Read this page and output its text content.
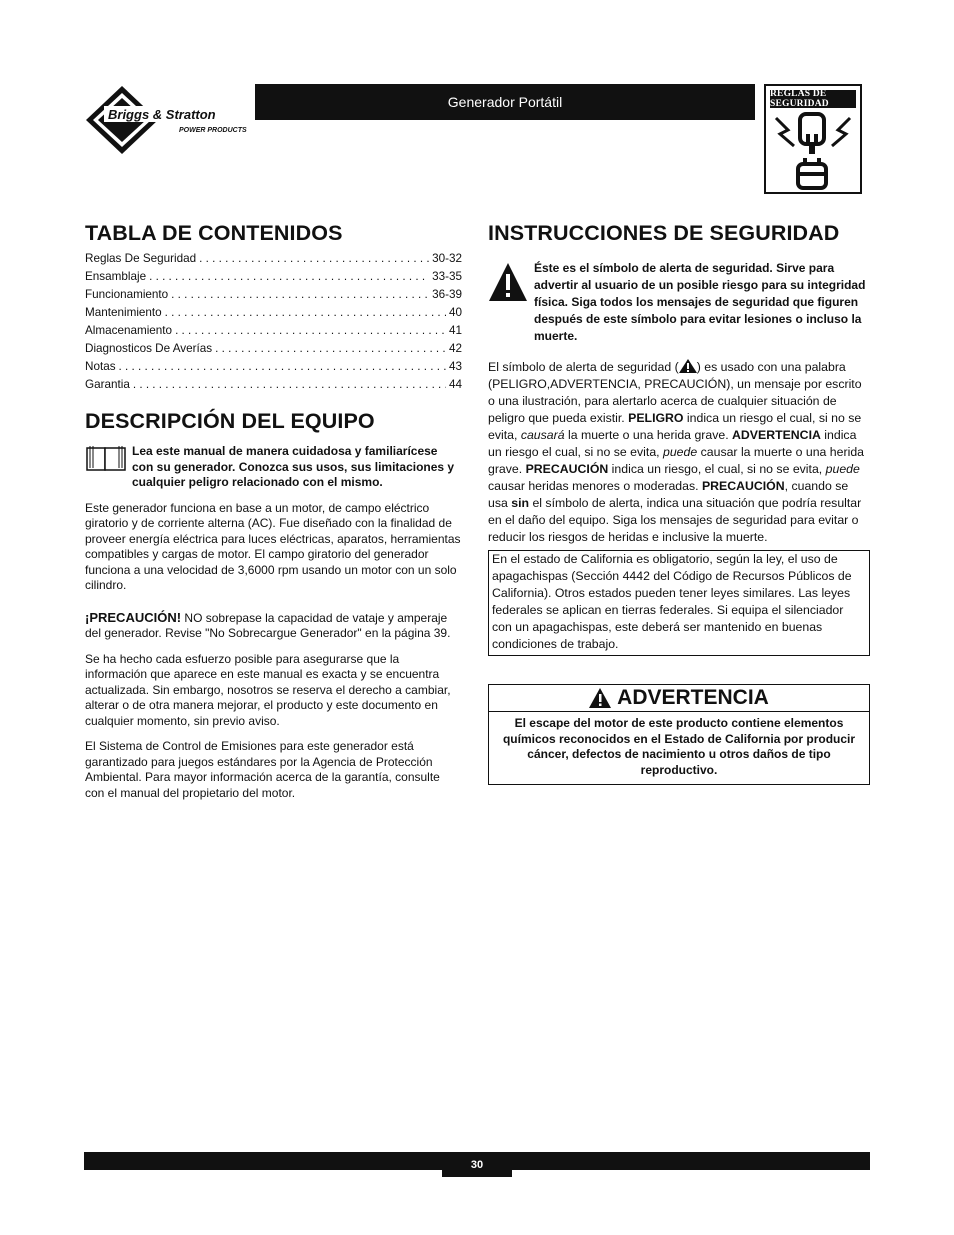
Briggs & Stratton
POWER PRODUCTS
Generador Portátil	REGLAS DE SEGURIDAD
TABLA DE CONTENIDOS
Reglas De Seguridad . . .	30-32
Ensamblaje . . .	33-35
Funcionamiento . . .	36-39
Mantenimiento . . .	40
Almacenamiento . . .	41
Diagnosticos De Averías . . .	42
Notas . . .	43
Garantia . . .	44
DESCRIPCIÓN DEL EQUIPO
Lea este manual de manera cuidadosa y familiarícese con su generador. Conozca sus usos, sus limitaciones y cualquier peligro relacionado con el mismo.

Este generador funciona en base a un motor, de campo eléctrico giratorio y de corriente alterna (AC). Fue diseñado con la finalidad de proveer energía eléctrica para luces eléctricas, aparatos, herramientas compatibles y cargas de motor. El campo giratorio del generador funciona a una velocidad de 3,6000 rpm usando un motor con un solo cilindro.

¡PRECAUCIÓN! NO sobrepase la capacidad de vataje y amperaje del generador. Revise "No Sobrecargue Generador" en la página 39.

Se ha hecho cada esfuerzo posible para asegurarse que la información que aparece en este manual es exacta y se encuentra actualizada. Sin embargo, nosotros se reserva el derecho a cambiar, alterar o de otra manera mejorar, el producto y este documento en cualquier momento, sin previo aviso.

El Sistema de Control de Emisiones para este generador está garantizado para juegos estándares por la Agencia de Protección Ambiental. Para mayor información acerca de la garantía, consulte con el manual del propietario del motor.

INSTRUCCIONES DE SEGURIDAD
Éste es el símbolo de alerta de seguridad. Sirve para advertir al usuario de un posible riesgo para su integridad física. Siga todos los mensajes de seguridad que figuren después de este símbolo para evitar lesiones o incluso la muerte.

El símbolo de alerta de seguridad ( ) es usado con una palabra (PELIGRO,ADVERTENCIA, PRECAUCIÓN), un mensaje por escrito o una ilustración, para alertarlo acerca de cualquier situación de peligro que pueda existir. PELIGRO indica un riesgo el cual, si no se evita, causará la muerte o una herida grave. ADVERTENCIA indica un riesgo el cual, si no se evita, puede causar la muerte o una herida grave. PRECAUCIÓN indica un riesgo, el cual, si no se evita, puede causar heridas menores o moderadas. PRECAUCIÓN, cuando se usa sin el símbolo de alerta, indica una situación que podría resultar en el daño del equipo. Siga los mensajes de seguridad para evitar o reducir los riesgos de heridas e inclusive la muerte.

En el estado de California es obligatorio, según la ley, el uso de apagachispas (Sección 4442 del Código de Recursos Públicos de California). Otros estados pueden tener leyes similares. Las leyes federales se aplican en tierras federales. Si equipa el silenciador con un apagachispas, este deberá ser mantenido en buenas condiciones de trabajo.
ADVERTENCIA
El escape del motor de este producto contiene elementos químicos reconocidos en el Estado de California por producir cáncer, defectos de nacimiento u otros daños de tipo reproductivo.
30
